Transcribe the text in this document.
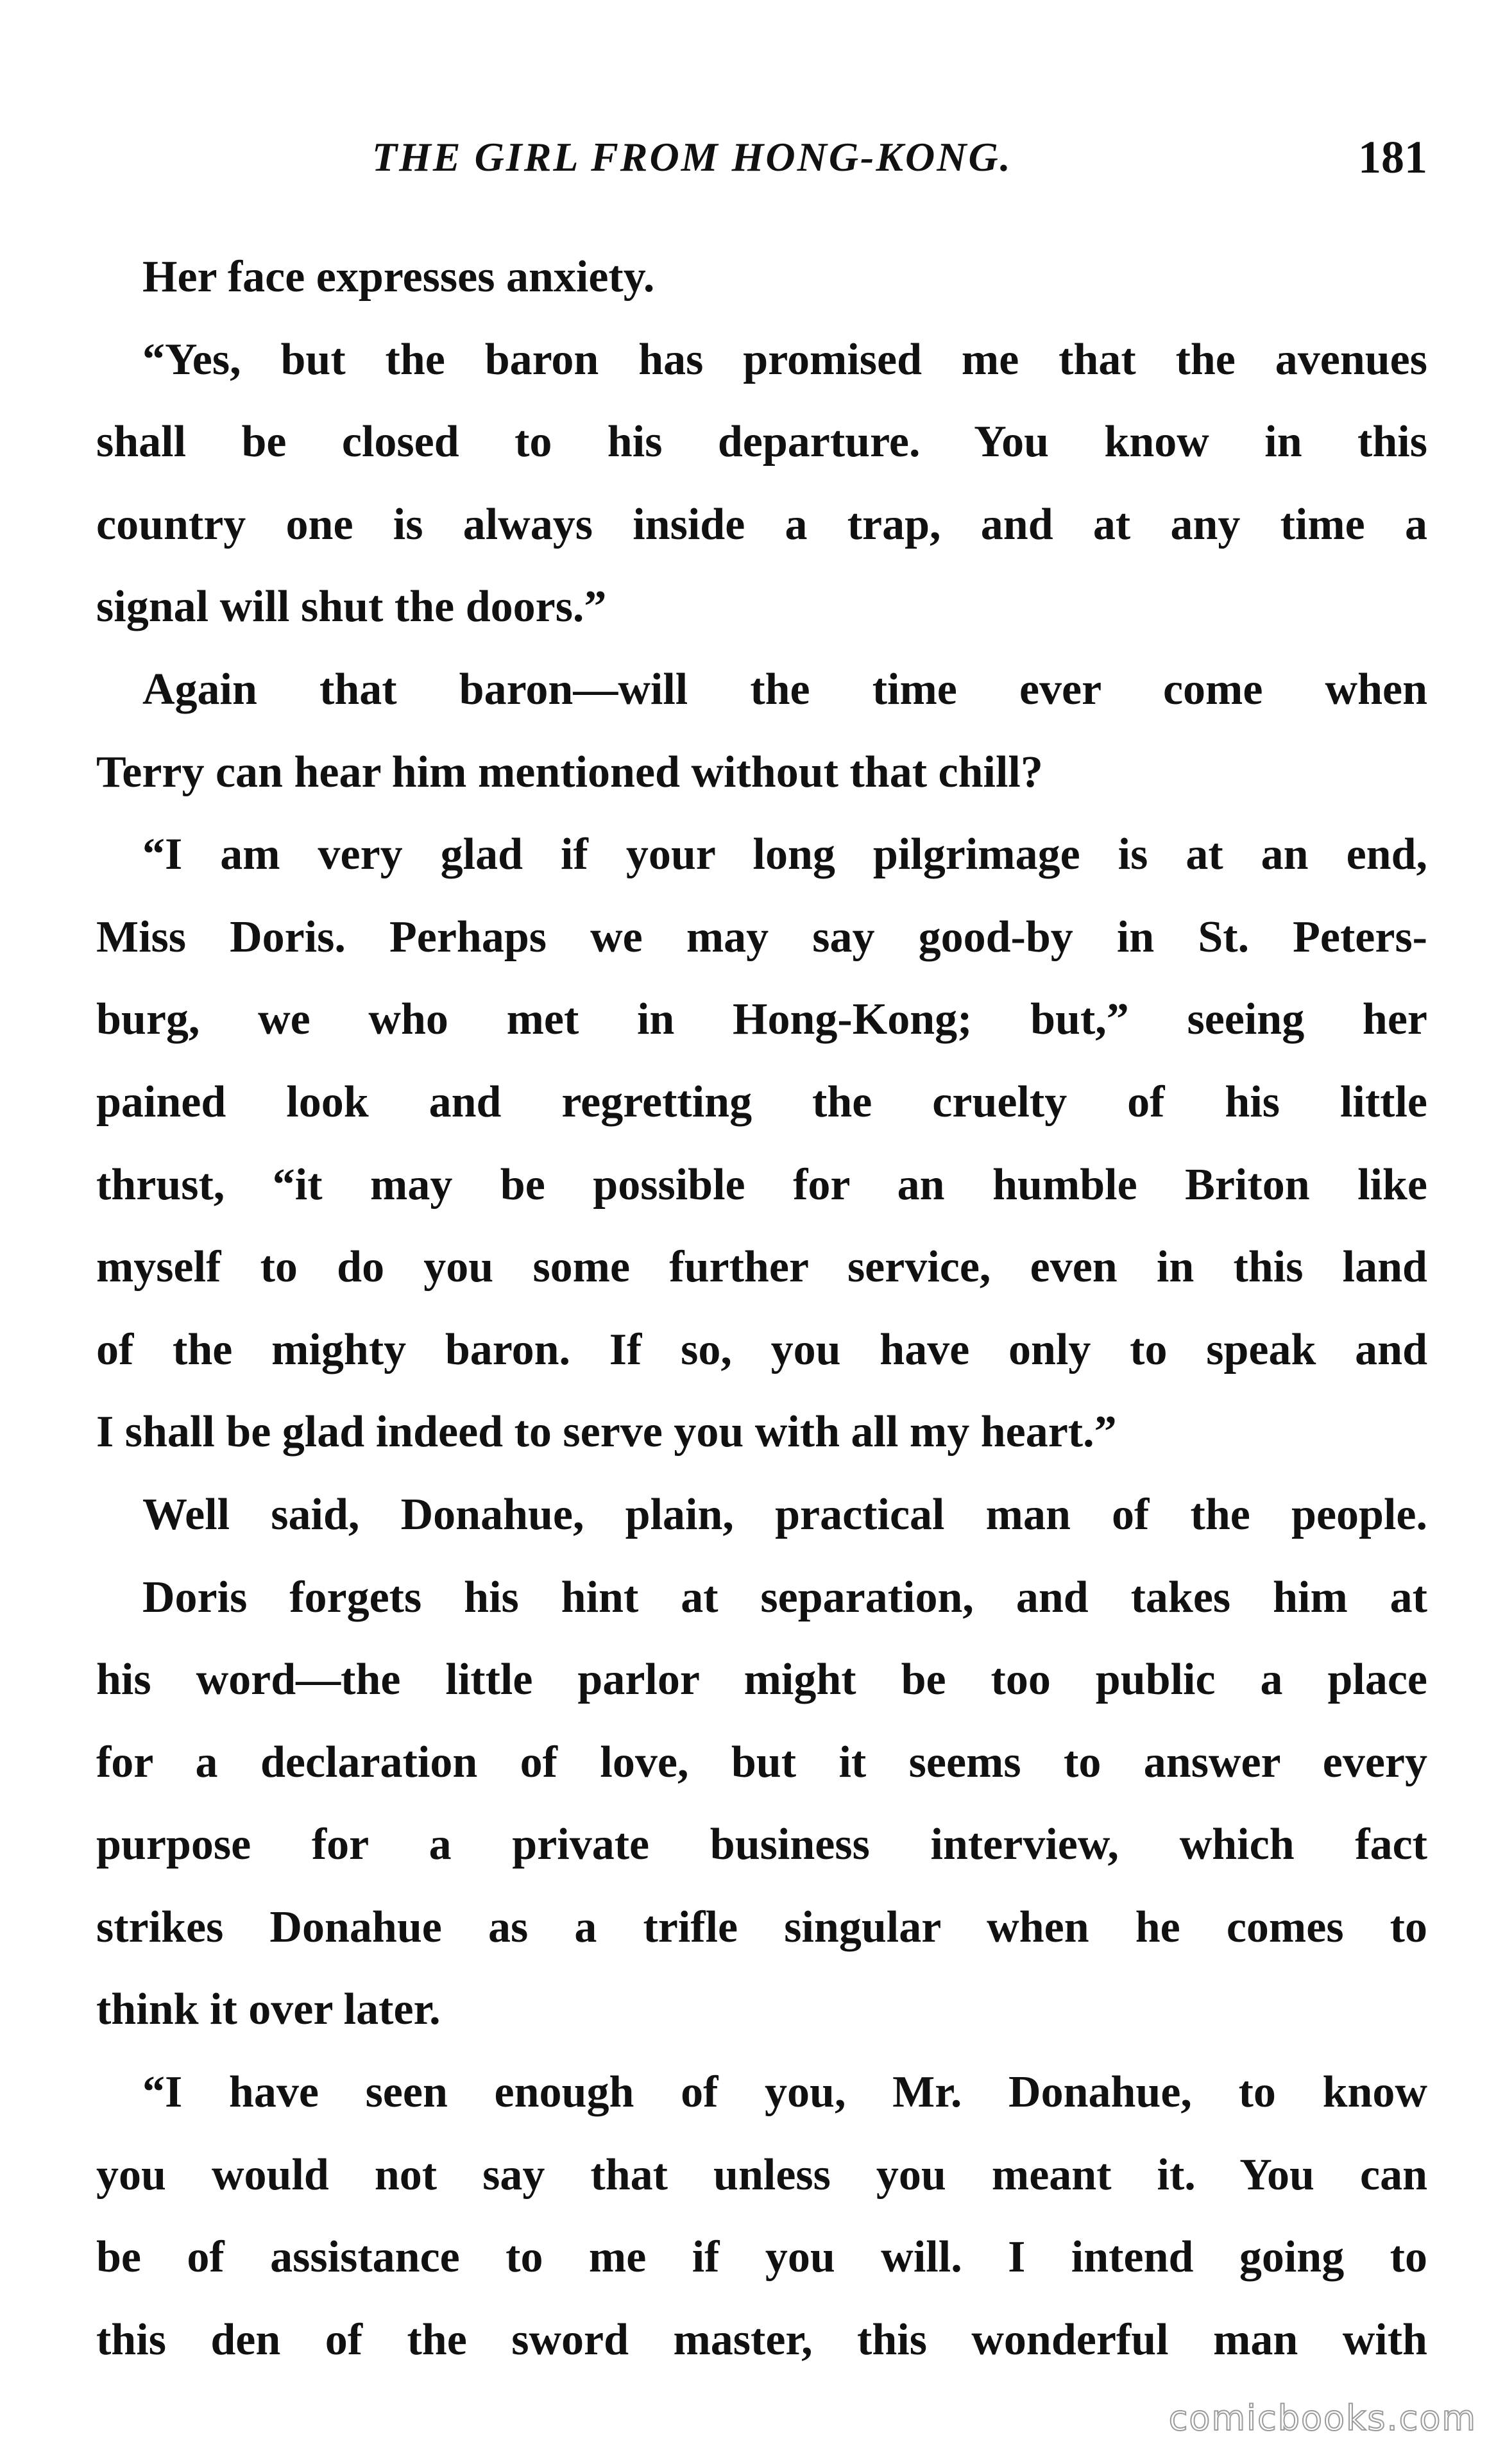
THE GIRL FROM HONG-KONG.	181
Her face expresses anxiety.
“Yes, but the baron has promised me that the avenues
shall be closed to his departure. You know in this
country one is always inside a trap, and at any time a
signal will shut the doors.”
Again that baron—will the time ever come when
Terry can hear him mentioned without that chill?
“I am very glad if your long pilgrimage is at an end,
Miss Doris. Perhaps we may say good-by in St. Peters-
burg, we who met in Hong-Kong; but,” seeing her
pained look and regretting the cruelty of his little
thrust, “it may be possible for an humble Briton like
myself to do you some further service, even in this land
of the mighty baron. If so, you have only to speak and
I shall be glad indeed to serve you with all my heart.”
Well said, Donahue, plain, practical man of the people.
Doris forgets his hint at separation, and takes him at
his word—the little parlor might be too public a place
for a declaration of love, but it seems to answer every
purpose for a private business interview, which fact
strikes Donahue as a trifle singular when he comes to
think it over later.
“I have seen enough of you, Mr. Donahue, to know
you would not say that unless you meant it. You can
be of assistance to me if you will. I intend going to
this den of the sword master, this wonderful man with
comicbooks.com
